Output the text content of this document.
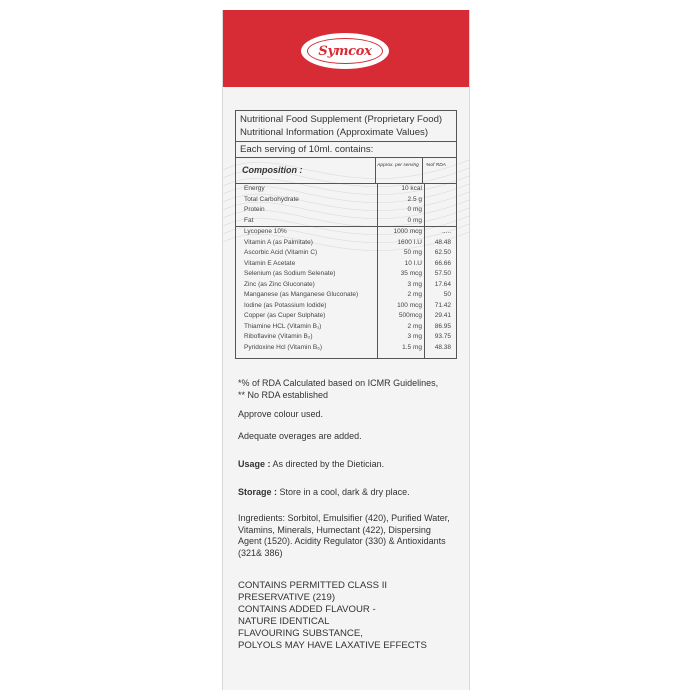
Symcox
Nutritional Food Supplement (Proprietary Food)
Nutritional Information (Approximate Values)
Each serving of 10ml. contains:
Composition :	Approx. per serving	%of RDA
Energy	10 kcal
Total Carbohydrate	2.5 g
Protein	0 mg
Fat	0 mg
Lycopene 10%	1000 mcg	.....
Vitamin A (as Palmitate)	1600 I.U	48.48
Ascorbic Acid (Vitamin C)	50 mg	62.50
Vitamin E Acetate	10 I.U	66.66
Selenium (as Sodium Selenate)	35 mcg	57.50
Zinc (as Zinc Gluconate)	3 mg	17.64
Manganese (as Manganese Gluconate)	2 mg	50
Iodine (as Potassium Iodide)	100 mcg	71.42
Copper (as Cuper Sulphate)	500mcg	29.41
Thiamine HCL (Vitamin B₁)	2 mg	86.95
Riboflavine (Vitamin B₂)	3 mg	93.75
Pyridoxine Hcl (Vitamin B₆)	1.5 mg	48.38
*% of RDA Calculated based on ICMR Guidelines,
** No RDA established
Approve colour used.
Adequate overages are added.
Usage : As directed by the Dietician.
Storage : Store in a cool, dark & dry place.
Ingredients: Sorbitol, Emulsifier (420), Purified Water, Vitamins, Minerals, Humectant (422), Dispersing Agent (1520). Acidity Regulator (330) & Antioxidants (321& 386)
CONTAINS PERMITTED CLASS II
PRESERVATIVE (219)
CONTAINS ADDED FLAVOUR -
NATURE IDENTICAL
FLAVOURING SUBSTANCE,
POLYOLS MAY HAVE LAXATIVE EFFECTS
